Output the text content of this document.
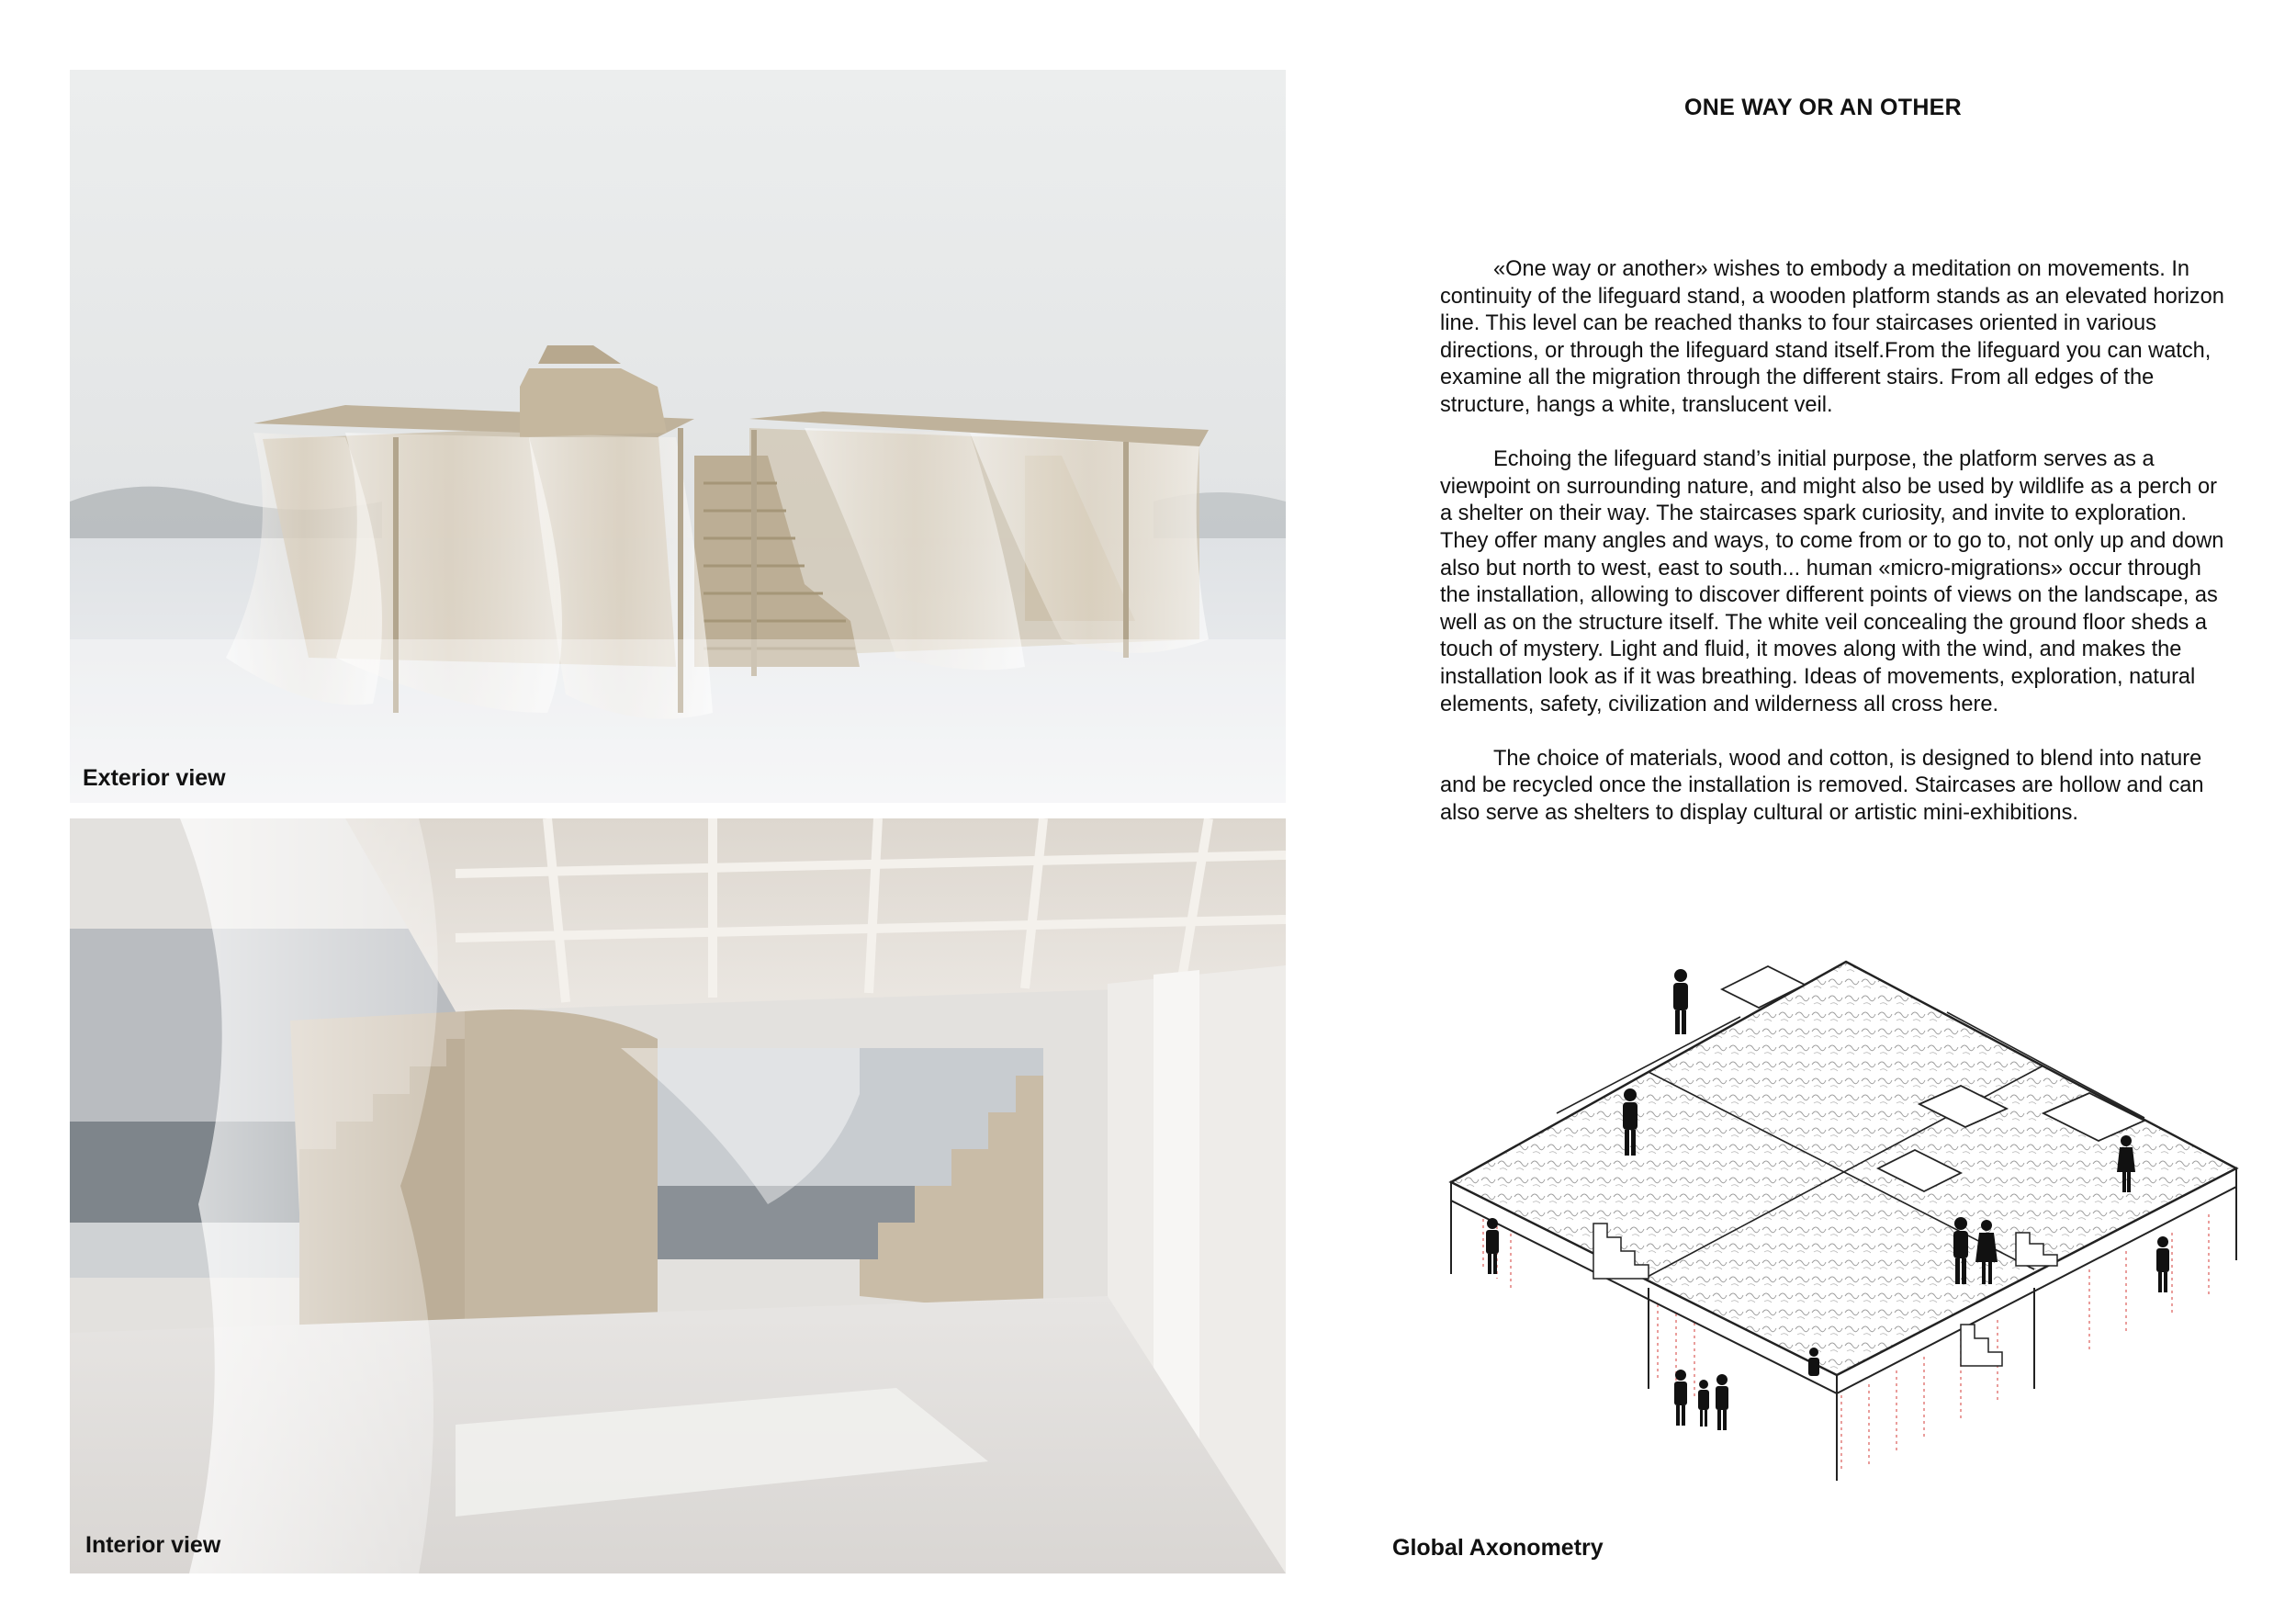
Exterior view
Interior view
ONE WAY OR AN OTHER

«One way or another» wishes to embody a meditation on movements. In continuity of the lifeguard stand, a wooden platform stands as an elevated horizon line. This level can be reached thanks to four staircases oriented in various directions, or through the lifeguard stand itself.From the lifeguard you can watch, examine all the migration through the different stairs. From all edges of the structure, hangs a white, translucent veil.

Echoing the lifeguard stand’s initial purpose, the platform serves as a viewpoint on surrounding nature, and might also be used by wildlife as a perch or a shelter on their way. The staircases spark curiosity, and invite to exploration. They offer many angles and ways, to come from or to go to, not only up and down also but north to west, east to south... human «micro-migrations» occur through the installation, allowing to discover different points of views on the landscape, as well as on the structure itself. The white veil concealing the ground floor sheds a touch of mystery. Light and fluid, it moves along with the wind, and makes the installation look as if it was breathing. Ideas of movements, exploration, natural elements, safety, civilization and wilderness all cross here.

The choice of materials, wood and cotton, is designed to blend into nature and be recycled once the installation is removed. Staircases are hollow and can also serve as shelters to display cultural or artistic mini-exhibitions.

Global Axonometry
